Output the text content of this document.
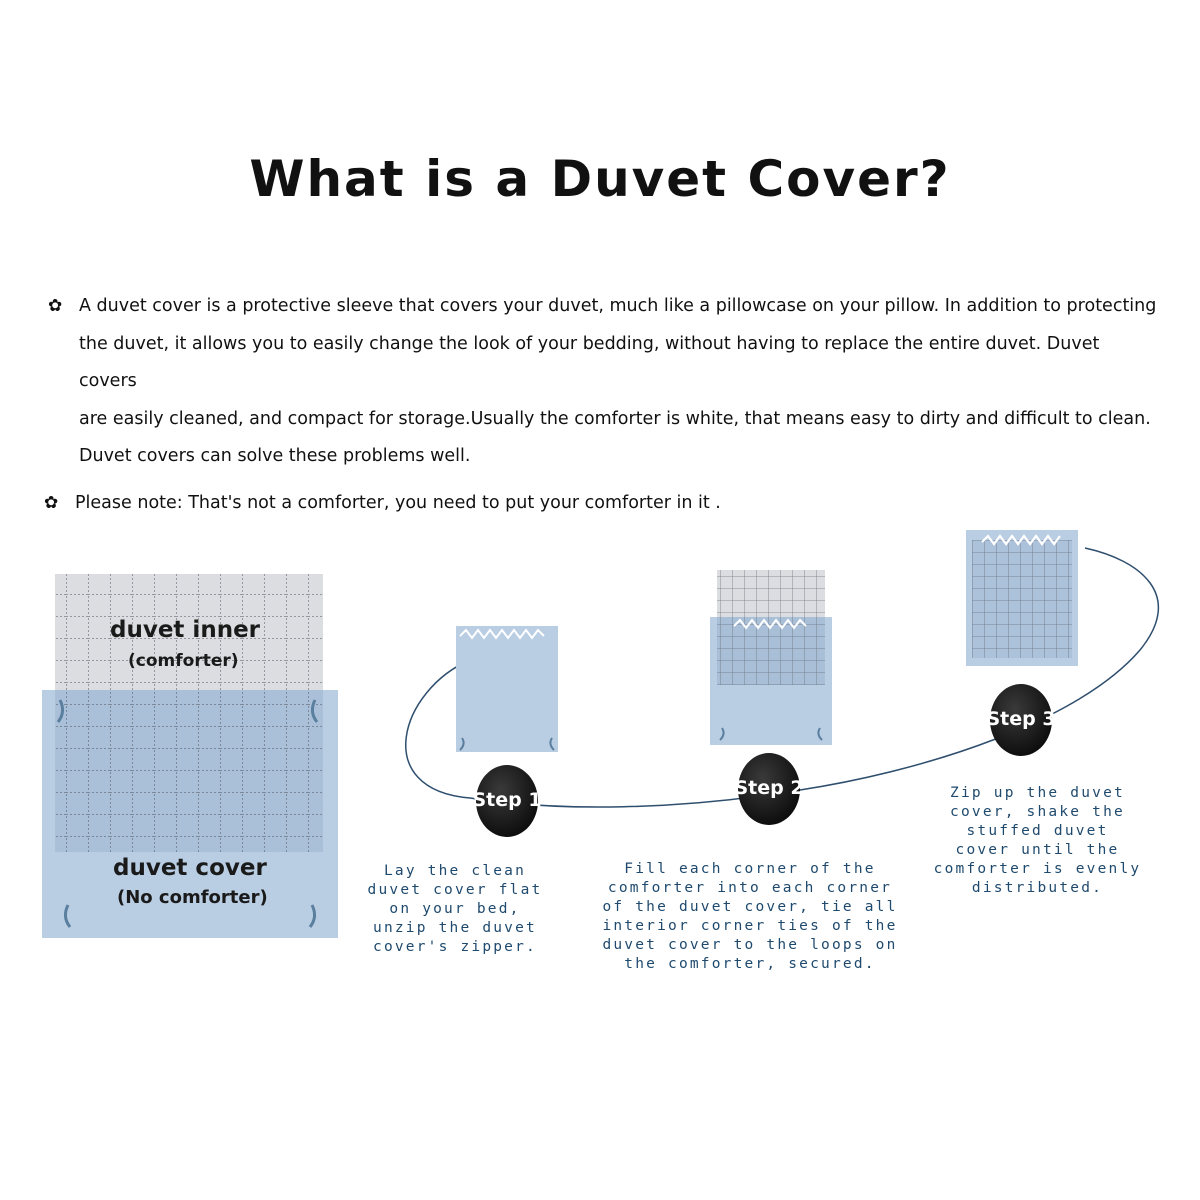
What is a Duvet Cover?
✿ A duvet cover is a protective sleeve that covers your duvet, much like a pillowcase on your pillow. In addition to protecting
the duvet, it allows you to easily change the look of your bedding, without having to replace the entire duvet. Duvet covers
are easily cleaned, and compact for storage.Usually the comforter is white, that means easy to dirty and difficult to clean.
Duvet covers can solve these problems well.
✿ Please note: That's not a comforter, you need to put your comforter in it .
duvet inner
(comforter)
duvet cover
(No comforter)
Step 1
Step 2
Step 3
Lay the clean
duvet cover flat
on your bed,
unzip the duvet
cover's zipper.
Fill each corner of the
comforter into each corner
of the duvet cover, tie all
interior corner ties of the
duvet cover to the loops on
the comforter, secured.
Zip up the duvet
cover, shake the
stuffed duvet
cover until the
comforter is evenly
distributed.
